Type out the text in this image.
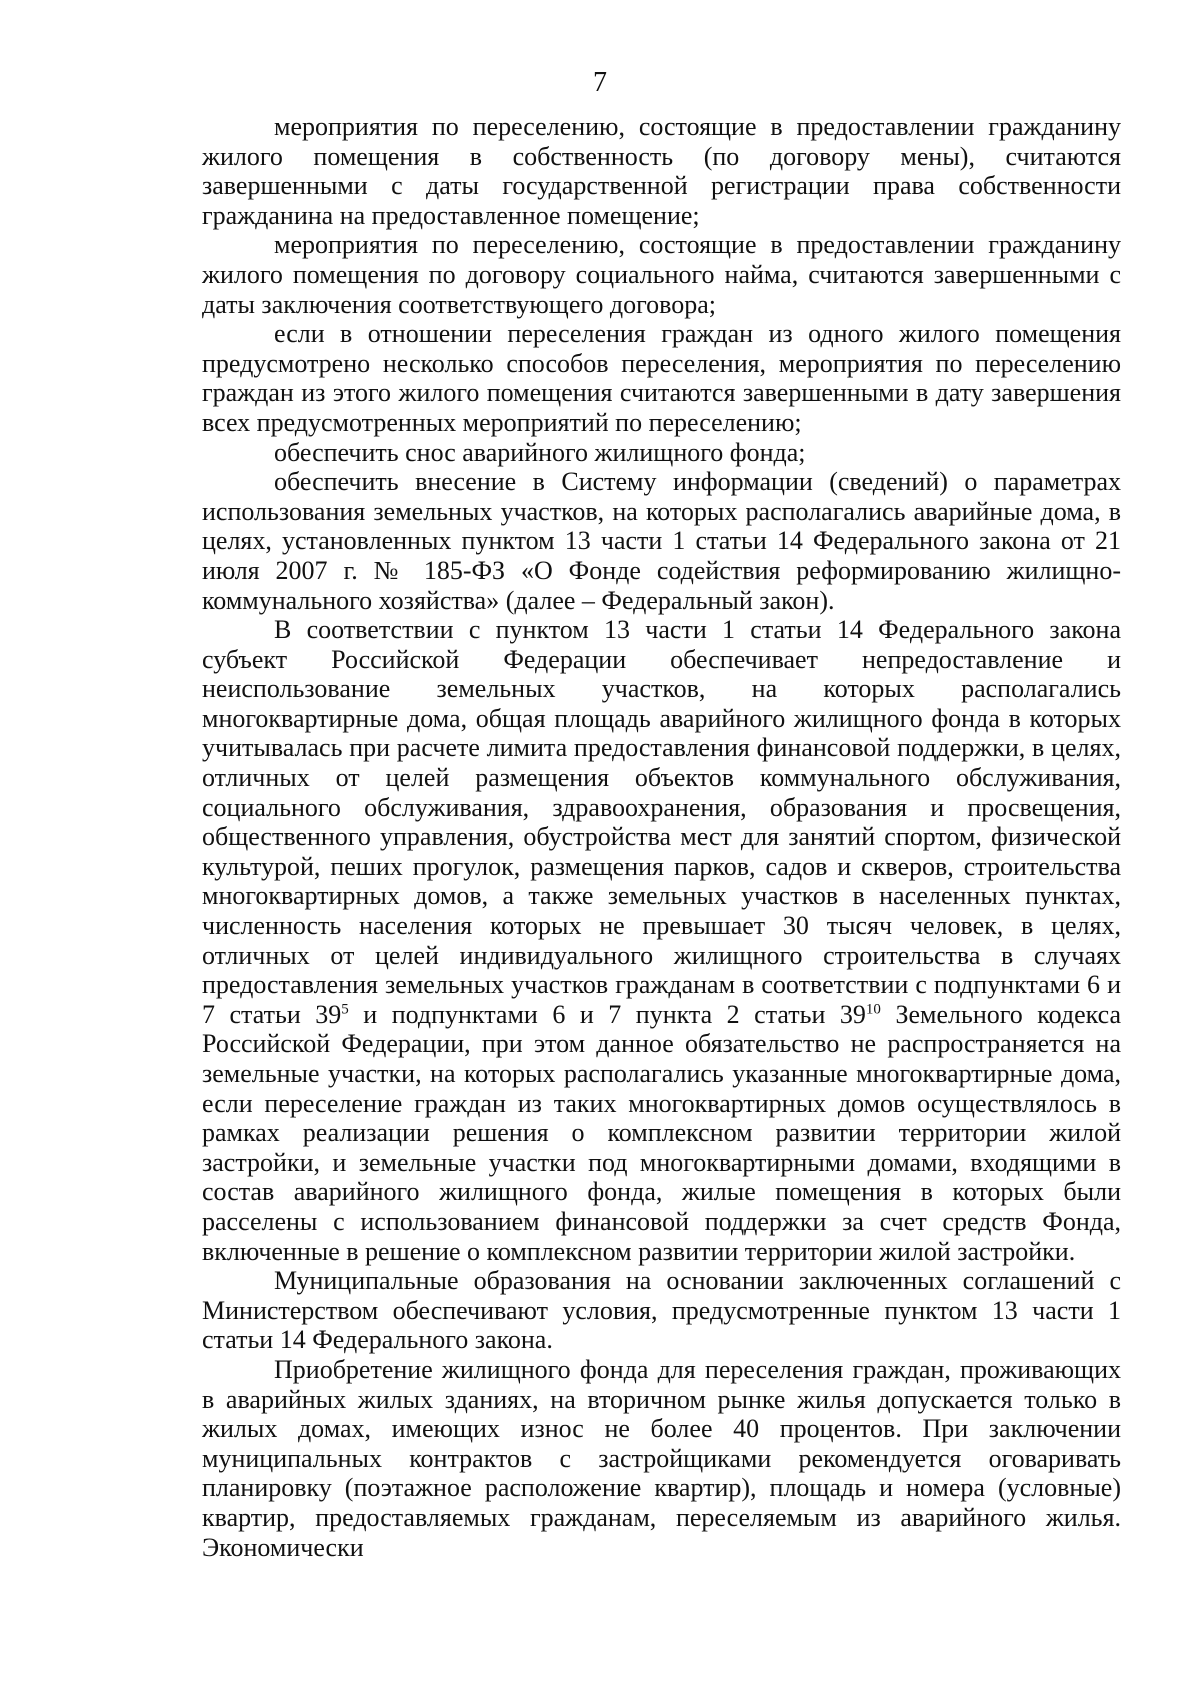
7

мероприятия по переселению, состоящие в предоставлении гражданину жилого помещения в собственность (по договору мены), считаются завершенными с даты государственной регистрации права собственности гражданина на предоставленное помещение;

мероприятия по переселению, состоящие в предоставлении гражданину жилого помещения по договору социального найма, считаются завершенными с даты заключения соответствующего договора;

если в отношении переселения граждан из одного жилого помещения предусмотрено несколько способов переселения, мероприятия по переселению граждан из этого жилого помещения считаются завершенными в дату завершения всех предусмотренных мероприятий по переселению;

обеспечить снос аварийного жилищного фонда;

обеспечить внесение в Систему информации (сведений) о параметрах использования земельных участков, на которых располагались аварийные дома, в целях, установленных пунктом 13 части 1 статьи 14 Федерального закона от 21 июля 2007 г. № 185-ФЗ «О Фонде содействия реформированию жилищно-коммунального хозяйства» (далее – Федеральный закон).

В соответствии с пунктом 13 части 1 статьи 14 Федерального закона субъект Российской Федерации обеспечивает непредоставление и неиспользование земельных участков, на которых располагались многоквартирные дома, общая площадь аварийного жилищного фонда в которых учитывалась при расчете лимита предоставления финансовой поддержки, в целях, отличных от целей размещения объектов коммунального обслуживания, социального обслуживания, здравоохранения, образования и просвещения, общественного управления, обустройства мест для занятий спортом, физической культурой, пеших прогулок, размещения парков, садов и скверов, строительства многоквартирных домов, а также земельных участков в населенных пунктах, численность населения которых не превышает 30 тысяч человек, в целях, отличных от целей индивидуального жилищного строительства в случаях предоставления земельных участков гражданам в соответствии с подпунктами 6 и 7 статьи $39^5$ и подпунктами 6 и 7 пункта 2 статьи $39^{10}$ Земельного кодекса Российской Федерации, при этом данное обязательство не распространяется на земельные участки, на которых располагались указанные многоквартирные дома, если переселение граждан из таких многоквартирных домов осуществлялось в рамках реализации решения о комплексном развитии территории жилой застройки, и земельные участки под многоквартирными домами, входящими в состав аварийного жилищного фонда, жилые помещения в которых были расселены с использованием финансовой поддержки за счет средств Фонда, включенные в решение о комплексном развитии территории жилой застройки.

Муниципальные образования на основании заключенных соглашений с Министерством обеспечивают условия, предусмотренные пунктом 13 части 1 статьи 14 Федерального закона.

Приобретение жилищного фонда для переселения граждан, проживающих в аварийных жилых зданиях, на вторичном рынке жилья допускается только в жилых домах, имеющих износ не более 40 процентов. При заключении муниципальных контрактов с застройщиками рекомендуется оговаривать планировку (поэтажное расположение квартир), площадь и номера (условные) квартир, предоставляемых гражданам, переселяемым из аварийного жилья. Экономически
